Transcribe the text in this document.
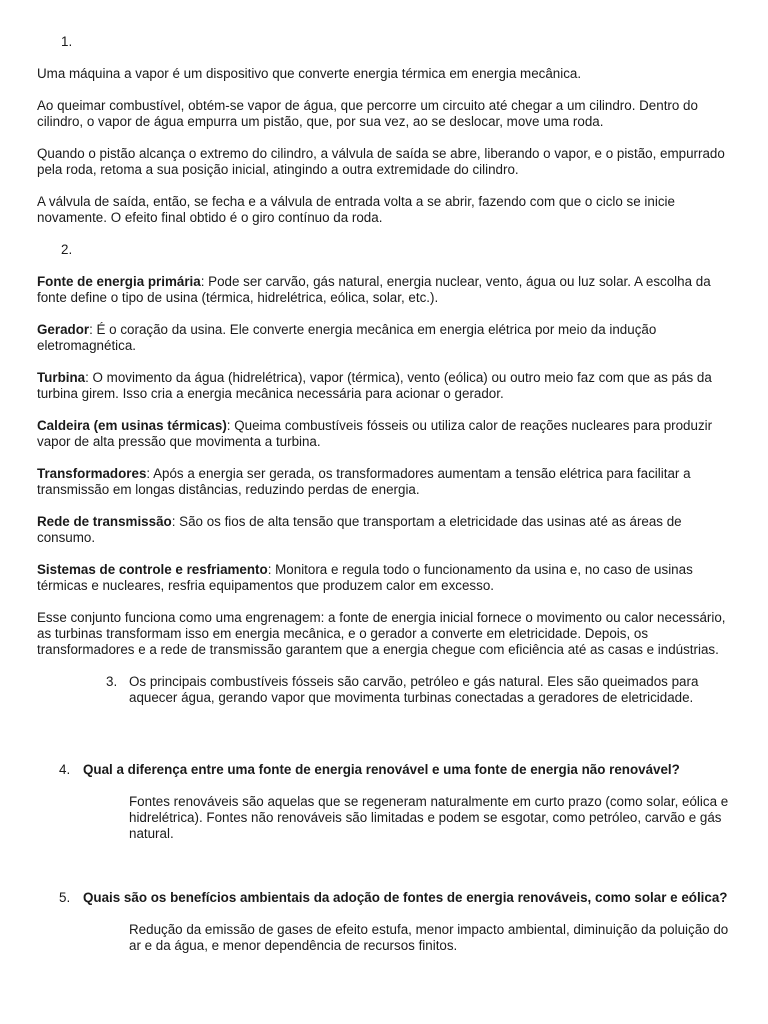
1.

Uma máquina a vapor é um dispositivo que converte energia térmica em energia mecânica.

Ao queimar combustível, obtém-se vapor de água, que percorre um circuito até chegar a um cilindro. Dentro do cilindro, o vapor de água empurra um pistão, que, por sua vez, ao se deslocar, move uma roda.

Quando o pistão alcança o extremo do cilindro, a válvula de saída se abre, liberando o vapor, e o pistão, empurrado pela roda, retoma a sua posição inicial, atingindo a outra extremidade do cilindro.

A válvula de saída, então, se fecha e a válvula de entrada volta a se abrir, fazendo com que o ciclo se inicie novamente. O efeito final obtido é o giro contínuo da roda.

2.

Fonte de energia primária: Pode ser carvão, gás natural, energia nuclear, vento, água ou luz solar. A escolha da fonte define o tipo de usina (térmica, hidrelétrica, eólica, solar, etc.).

Gerador: É o coração da usina. Ele converte energia mecânica em energia elétrica por meio da indução eletromagnética.

Turbina: O movimento da água (hidrelétrica), vapor (térmica), vento (eólica) ou outro meio faz com que as pás da turbina girem. Isso cria a energia mecânica necessária para acionar o gerador.

Caldeira (em usinas térmicas): Queima combustíveis fósseis ou utiliza calor de reações nucleares para produzir vapor de alta pressão que movimenta a turbina.

Transformadores: Após a energia ser gerada, os transformadores aumentam a tensão elétrica para facilitar a transmissão em longas distâncias, reduzindo perdas de energia.

Rede de transmissão: São os fios de alta tensão que transportam a eletricidade das usinas até as áreas de consumo.

Sistemas de controle e resfriamento: Monitora e regula todo o funcionamento da usina e, no caso de usinas térmicas e nucleares, resfria equipamentos que produzem calor em excesso.

Esse conjunto funciona como uma engrenagem: a fonte de energia inicial fornece o movimento ou calor necessário, as turbinas transformam isso em energia mecânica, e o gerador a converte em eletricidade. Depois, os transformadores e a rede de transmissão garantem que a energia chegue com eficiência até as casas e indústrias.

3. Os principais combustíveis fósseis são carvão, petróleo e gás natural. Eles são queimados para aquecer água, gerando vapor que movimenta turbinas conectadas a geradores de eletricidade.

4. Qual a diferença entre uma fonte de energia renovável e uma fonte de energia não renovável?

Fontes renováveis são aquelas que se regeneram naturalmente em curto prazo (como solar, eólica e hidrelétrica). Fontes não renováveis são limitadas e podem se esgotar, como petróleo, carvão e gás natural.

5. Quais são os benefícios ambientais da adoção de fontes de energia renováveis, como solar e eólica?

Redução da emissão de gases de efeito estufa, menor impacto ambiental, diminuição da poluição do ar e da água, e menor dependência de recursos finitos.
